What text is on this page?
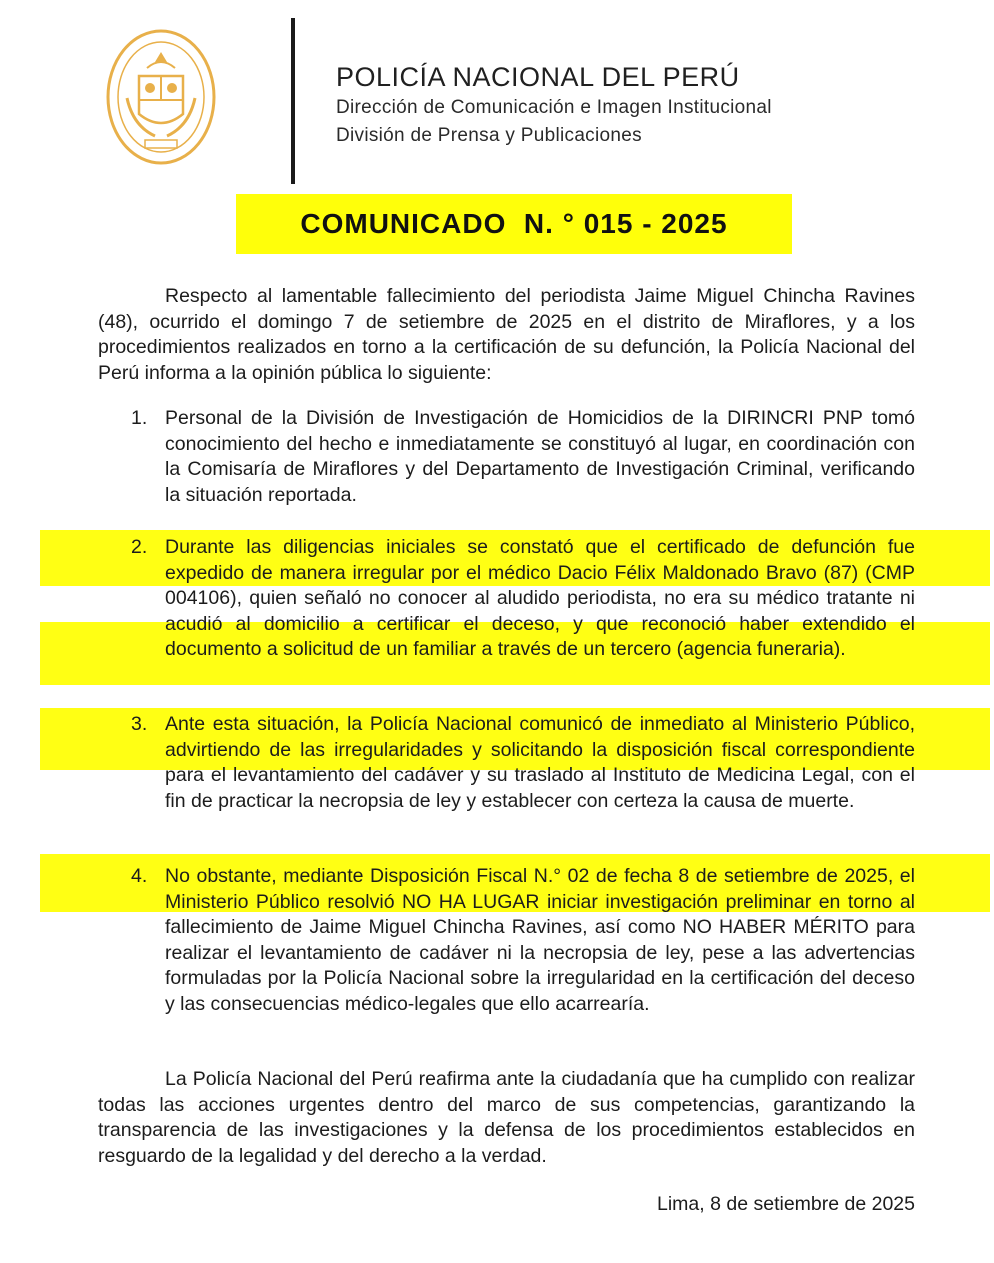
POLICÍA NACIONAL DEL PERÚ
Dirección de Comunicación e Imagen Institucional
División de Prensa y Publicaciones
COMUNICADO  N. ° 015 - 2025

Respecto al lamentable fallecimiento del periodista Jaime Miguel Chincha Ravines (48), ocurrido el domingo 7 de setiembre de 2025 en el distrito de Miraflores, y a los procedimientos realizados en torno a la certificación de su defunción, la Policía Nacional del Perú informa a la opinión pública lo siguiente:

1. Personal de la División de Investigación de Homicidios de la DIRINCRI PNP tomó conocimiento del hecho e inmediatamente se constituyó al lugar, en coordinación con la Comisaría de Miraflores y del Departamento de Investigación Criminal, verificando la situación reportada.

2. Durante las diligencias iniciales se constató que el certificado de defunción fue expedido de manera irregular por el médico Dacio Félix Maldonado Bravo (87) (CMP 004106), quien señaló no conocer al aludido periodista, no era su médico tratante ni acudió al domicilio a certificar el deceso, y que reconoció haber extendido el documento a solicitud de un familiar a través de un tercero (agencia funeraria).

3. Ante esta situación, la Policía Nacional comunicó de inmediato al Ministerio Público, advirtiendo de las irregularidades y solicitando la disposición fiscal correspondiente para el levantamiento del cadáver y su traslado al Instituto de Medicina Legal, con el fin de practicar la necropsia de ley y establecer con certeza la causa de muerte.

4. No obstante, mediante Disposición Fiscal N.° 02 de fecha 8 de setiembre de 2025, el Ministerio Público resolvió NO HA LUGAR iniciar investigación preliminar en torno al fallecimiento de Jaime Miguel Chincha Ravines, así como NO HABER MÉRITO para realizar el levantamiento de cadáver ni la necropsia de ley, pese a las advertencias formuladas por la Policía Nacional sobre la irregularidad en la certificación del deceso y las consecuencias médico-legales que ello acarrearía.

La Policía Nacional del Perú reafirma ante la ciudadanía que ha cumplido con realizar todas las acciones urgentes dentro del marco de sus competencias, garantizando la transparencia de las investigaciones y la defensa de los procedimientos establecidos en resguardo de la legalidad y del derecho a la verdad.

Lima, 8 de setiembre de 2025
